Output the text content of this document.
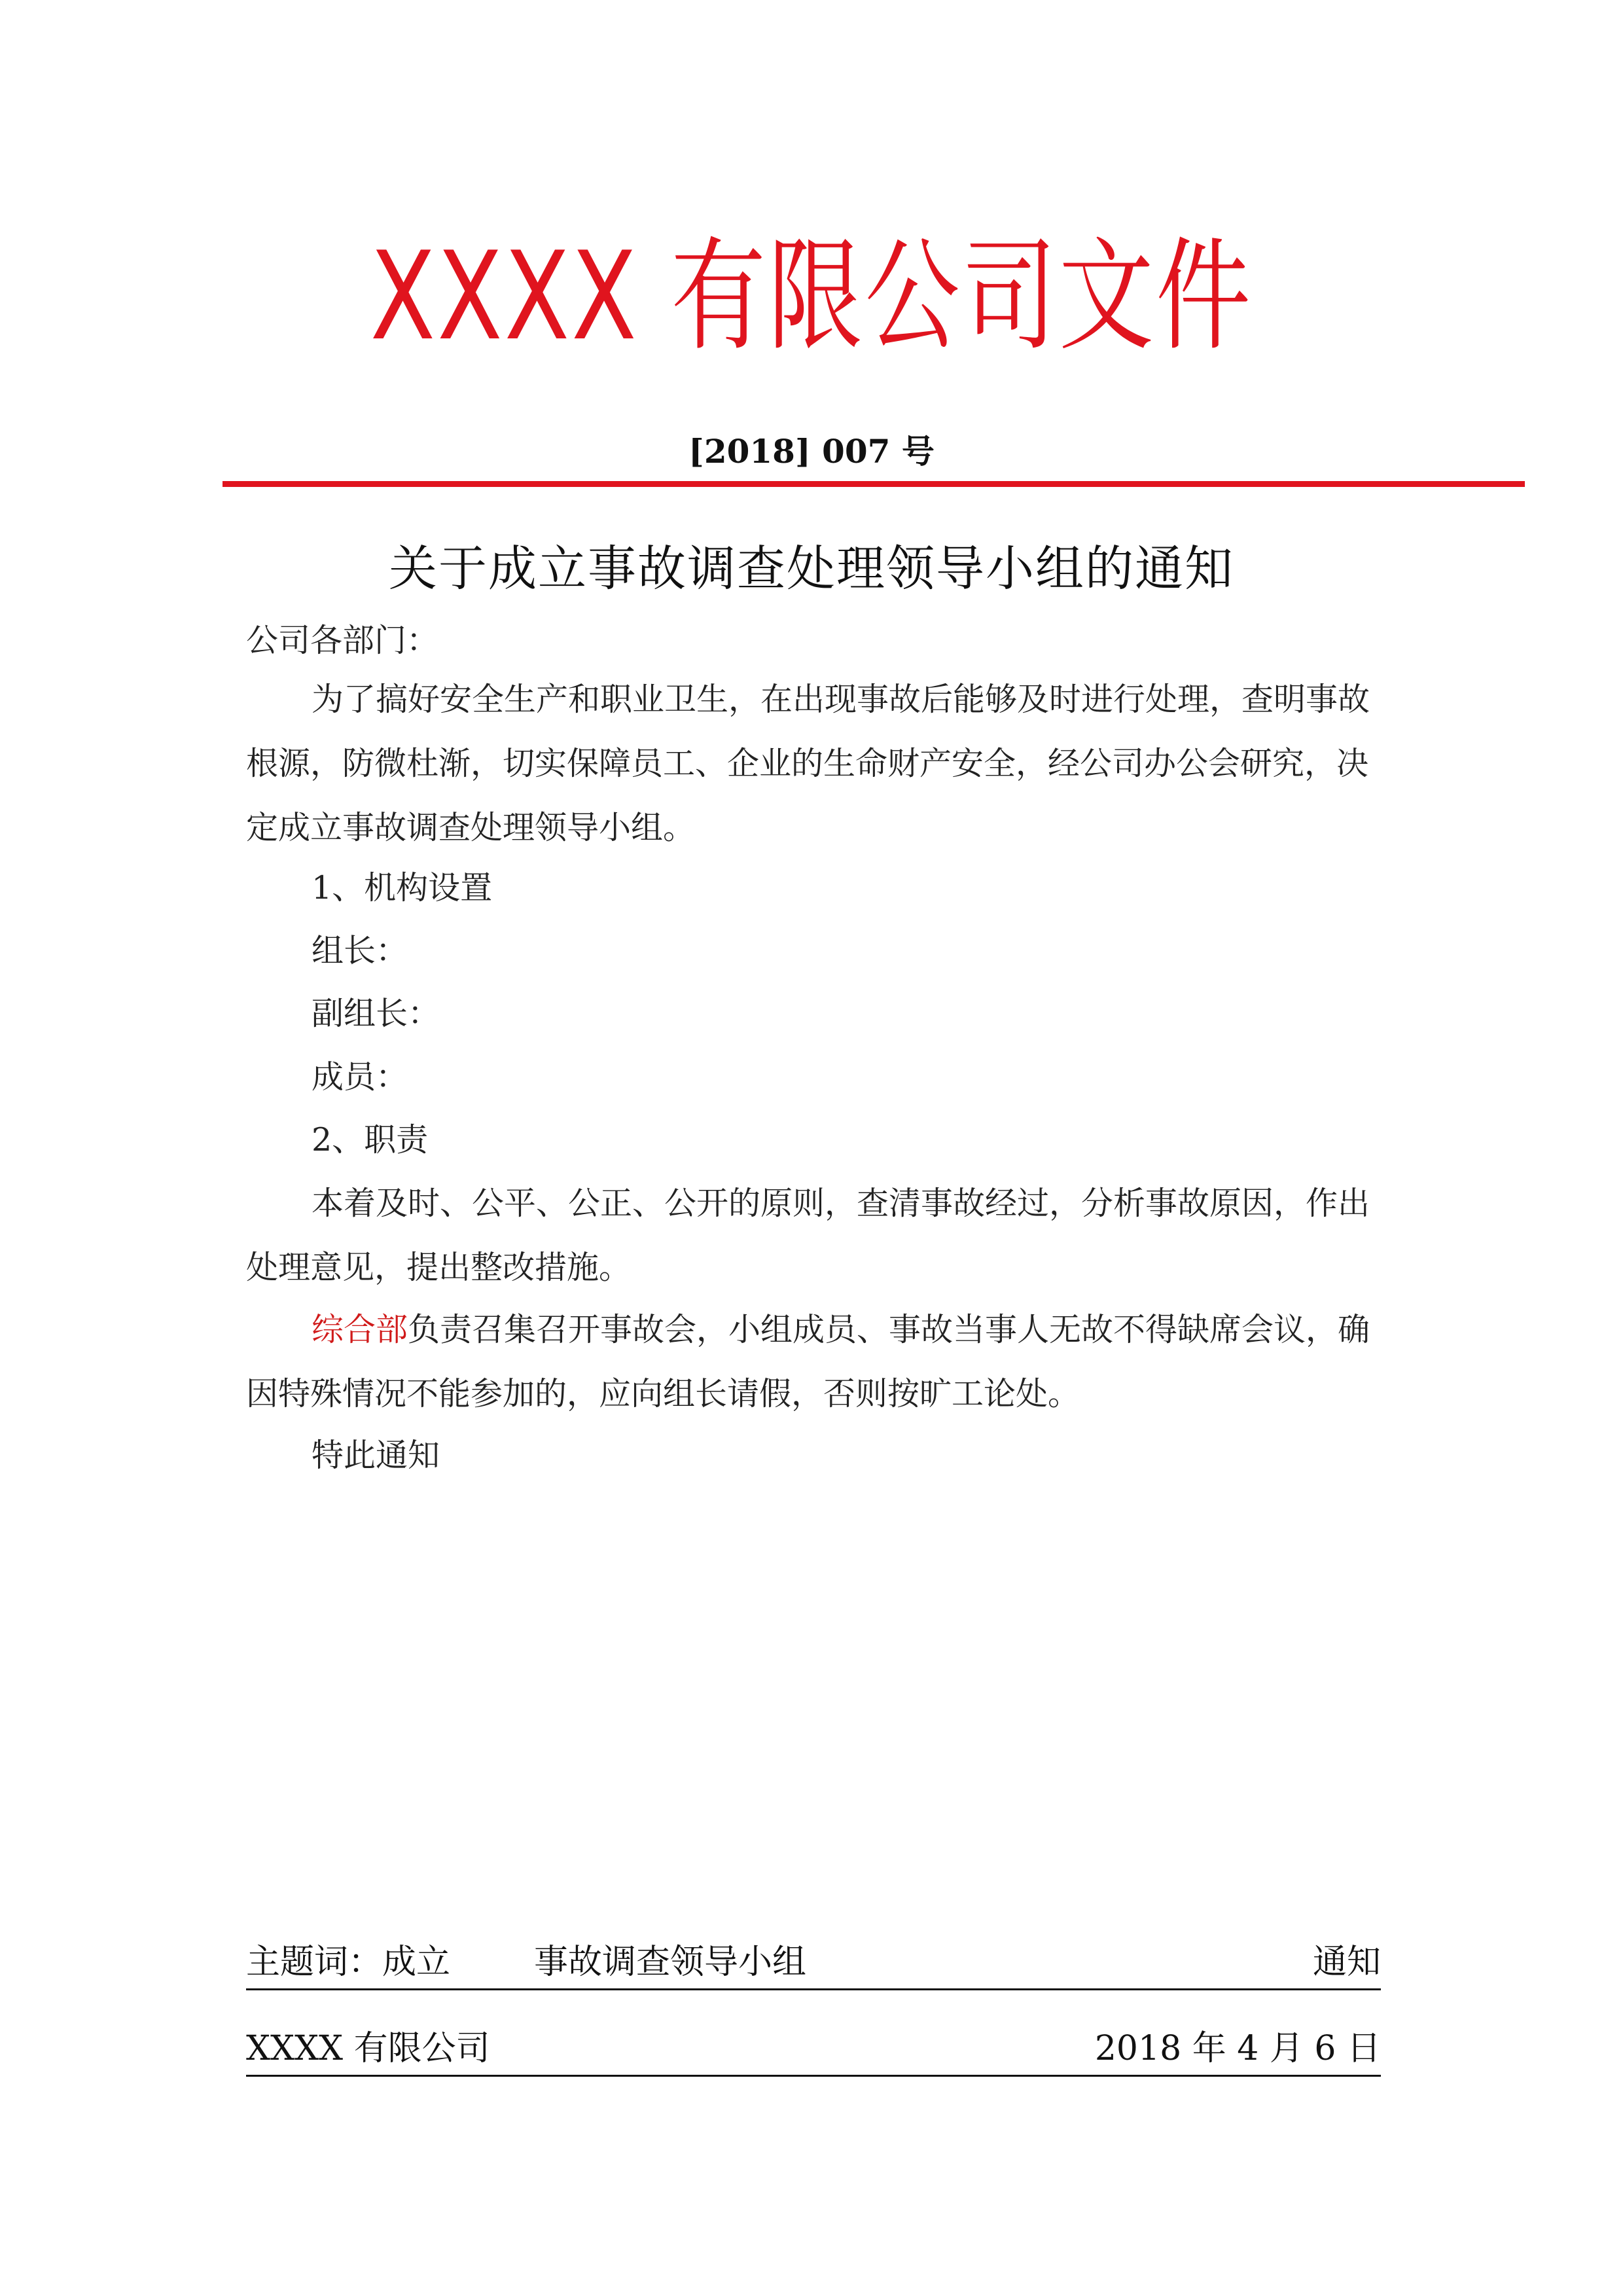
XXXX 有限公司文件
[2018] 007 号
关于成立事故调查处理领导小组的通知

公司各部门：

为了搞好安全生产和职业卫生，在出现事故后能够及时进行处理，查明事故根源，防微杜渐，切实保障员工、企业的生命财产安全，经公司办公会研究，决定成立事故调查处理领导小组。

1、机构设置
组长：
副组长：
成员：
2、职责

本着及时、公平、公正、公开的原则，查清事故经过，分析事故原因，作出处理意见，提出整改措施。

综合部负责召集召开事故会，小组成员、事故当事人无故不得缺席会议，确因特殊情况不能参加的，应向组长请假，否则按旷工论处。

特此通知
主题词：成立 事故调查领导小组	通知
XXXX 有限公司	2018 年 4 月 6 日
